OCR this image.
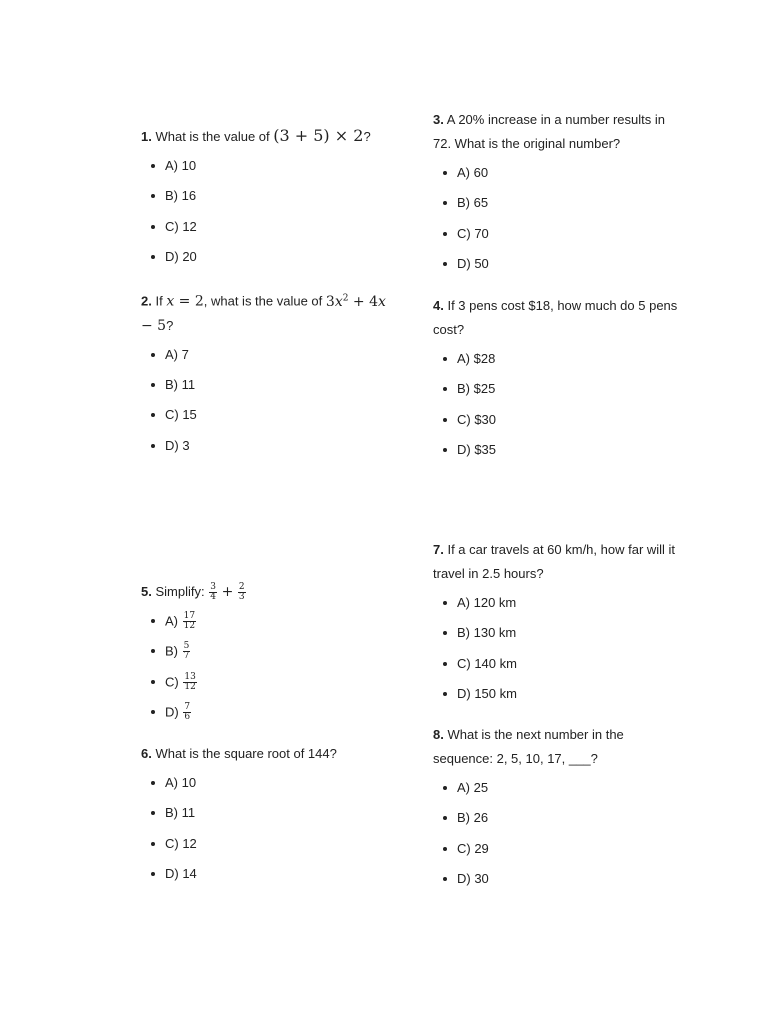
1. What is the value of (3 + 5) × 2?

A) 10
B) 16
C) 12
D) 20

2. If x = 2, what is the value of $3x^2 + 4x - 5$?

A) 7
B) 11
C) 15
D) 3

3. A 20% increase in a number results in 72. What is the original number?

A) 60
B) 65
C) 70
D) 50

4. If 3 pens cost $18, how much do 5 pens cost?

A) $28
B) $25
C) $30
D) $35

5. Simplify: $\frac{3}{4} + \frac{2}{3}$

$A) \frac{17}{12}$
$B) \frac{5}{7}$
$C) \frac{13}{12}$
$D) \frac{7}{6}$

6. What is the square root of 144?

A) 10
B) 11
C) 12
D) 14

7. If a car travels at 60 km/h, how far will it travel in 2.5 hours?

A) 120 km
B) 130 km
C) 140 km
D) 150 km

8. What is the next number in the sequence: 2, 5, 10, 17, ___?

A) 25
B) 26
C) 29
D) 30
